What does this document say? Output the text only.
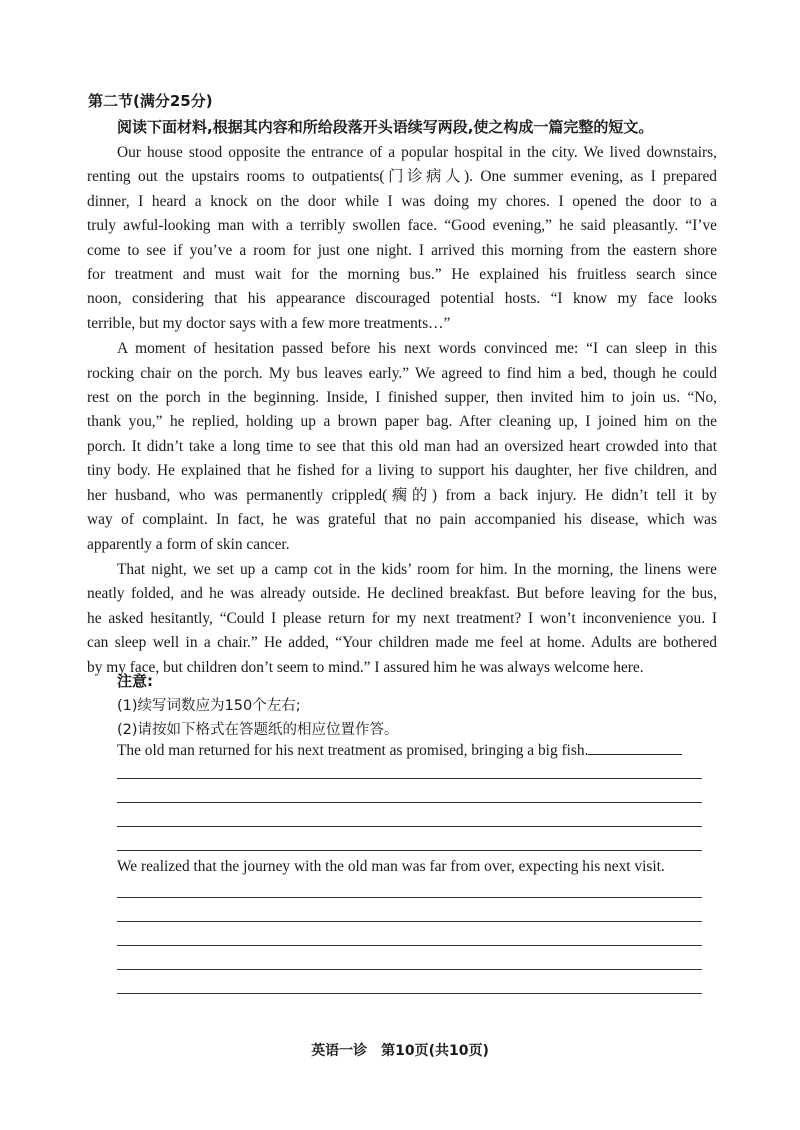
第二节(满分25分)
阅读下面材料,根据其内容和所给段落开头语续写两段,使之构成一篇完整的短文。

Our house stood opposite the entrance of a popular hospital in the city. We lived downstairs,
renting out the upstairs rooms to outpatients(门诊病人). One summer evening, as I prepared
dinner, I heard a knock on the door while I was doing my chores. I opened the door to a
truly awful-looking man with a terribly swollen face. “Good evening,” he said pleasantly. “I’ve
come to see if you’ve a room for just one night. I arrived this morning from the eastern shore
for treatment and must wait for the morning bus.” He explained his fruitless search since
noon, considering that his appearance discouraged potential hosts. “I know my face looks
terrible, but my doctor says with a few more treatments…”

A moment of hesitation passed before his next words convinced me: “I can sleep in this
rocking chair on the porch. My bus leaves early.” We agreed to find him a bed, though he could
rest on the porch in the beginning. Inside, I finished supper, then invited him to join us. “No,
thank you,” he replied, holding up a brown paper bag. After cleaning up, I joined him on the
porch. It didn’t take a long time to see that this old man had an oversized heart crowded into that
tiny body. He explained that he fished for a living to support his daughter, her five children, and
her husband, who was permanently crippled(瘸的) from a back injury. He didn’t tell it by
way of complaint. In fact, he was grateful that no pain accompanied his disease, which was
apparently a form of skin cancer.

That night, we set up a camp cot in the kids’ room for him. In the morning, the linens were
neatly folded, and he was already outside. He declined breakfast. But before leaving for the bus,
he asked hesitantly, “Could I please return for my next treatment? I won’t inconvenience you. I
can sleep well in a chair.” He added, “Your children made me feel at home. Adults are bothered
by my face, but children don’t seem to mind.” I assured him he was always welcome here.

注意:
(1)续写词数应为150个左右;
(2)请按如下格式在答题纸的相应位置作答。
The old man returned for his next treatment as promised, bringing a big fish.
We realized that the journey with the old man was far from over, expecting his next visit.
英语一诊　第10页(共10页)
